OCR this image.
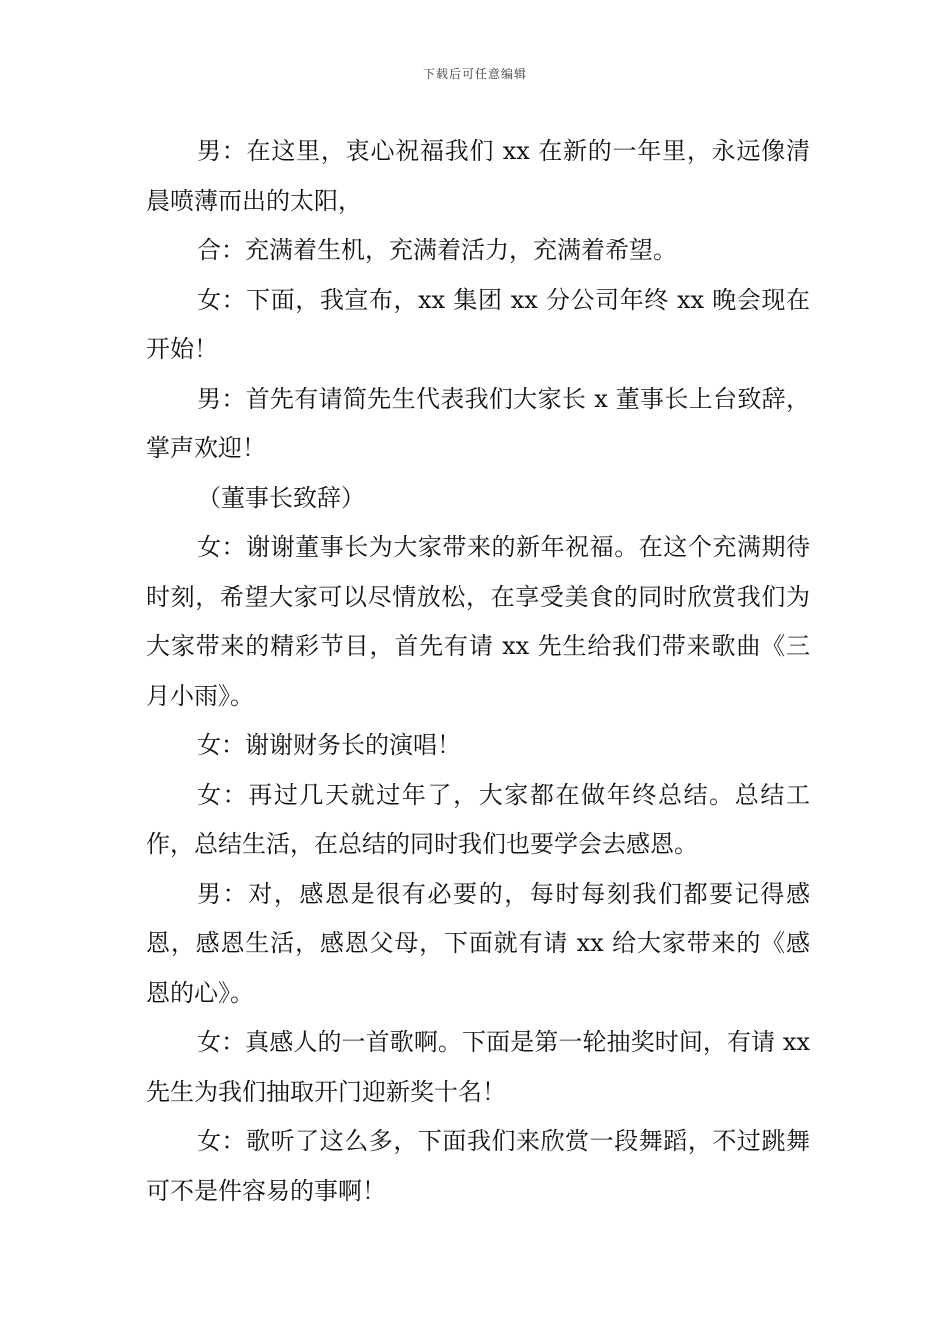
下载后可任意编辑

男：在这里，衷心祝福我们 xx 在新的一年里，永远像清晨喷薄而出的太阳，

合：充满着生机，充满着活力，充满着希望。

女：下面，我宣布，xx 集团 xx 分公司年终 xx 晚会现在开始！

男：首先有请简先生代表我们大家长 x 董事长上台致辞，掌声欢迎！

（董事长致辞）

女：谢谢董事长为大家带来的新年祝福。在这个充满期待时刻，希望大家可以尽情放松，在享受美食的同时欣赏我们为大家带来的精彩节目，首先有请 xx 先生给我们带来歌曲《三月小雨》。

女：谢谢财务长的演唱！

女：再过几天就过年了，大家都在做年终总结。总结工作，总结生活，在总结的同时我们也要学会去感恩。

男：对，感恩是很有必要的，每时每刻我们都要记得感恩，感恩生活，感恩父母，下面就有请 xx 给大家带来的《感恩的心》。

女：真感人的一首歌啊。下面是第一轮抽奖时间，有请 xx 先生为我们抽取开门迎新奖十名！

女：歌听了这么多，下面我们来欣赏一段舞蹈，不过跳舞可不是件容易的事啊！
